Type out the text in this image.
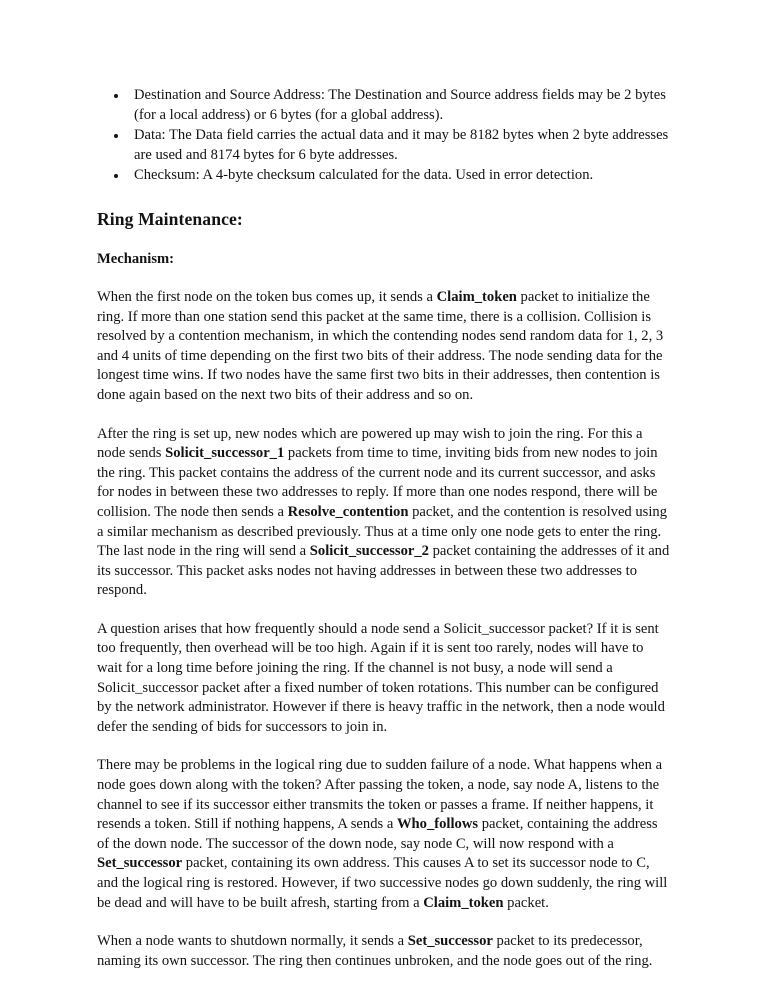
Destination and Source Address: The Destination and Source address fields may be 2 bytes (for a local address) or 6 bytes (for a global address).
Data: The Data field carries the actual data and it may be 8182 bytes when 2 byte addresses are used and 8174 bytes for 6 byte addresses.
Checksum: A 4-byte checksum calculated for the data. Used in error detection.
Ring Maintenance:
Mechanism:

When the first node on the token bus comes up, it sends a Claim_token packet to initialize the ring. If more than one station send this packet at the same time, there is a collision. Collision is resolved by a contention mechanism, in which the contending nodes send random data for 1, 2, 3 and 4 units of time depending on the first two bits of their address. The node sending data for the longest time wins. If two nodes have the same first two bits in their addresses, then contention is done again based on the next two bits of their address and so on.

After the ring is set up, new nodes which are powered up may wish to join the ring. For this a node sends Solicit_successor_1 packets from time to time, inviting bids from new nodes to join the ring. This packet contains the address of the current node and its current successor, and asks for nodes in between these two addresses to reply. If more than one nodes respond, there will be collision. The node then sends a Resolve_contention packet, and the contention is resolved using a similar mechanism as described previously. Thus at a time only one node gets to enter the ring. The last node in the ring will send a Solicit_successor_2 packet containing the addresses of it and its successor. This packet asks nodes not having addresses in between these two addresses to respond.

A question arises that how frequently should a node send a Solicit_successor packet? If it is sent too frequently, then overhead will be too high. Again if it is sent too rarely, nodes will have to wait for a long time before joining the ring. If the channel is not busy, a node will send a Solicit_successor packet after a fixed number of token rotations. This number can be configured by the network administrator. However if there is heavy traffic in the network, then a node would defer the sending of bids for successors to join in.

There may be problems in the logical ring due to sudden failure of a node. What happens when a node goes down along with the token? After passing the token, a node, say node A, listens to the channel to see if its successor either transmits the token or passes a frame. If neither happens, it resends a token. Still if nothing happens, A sends a Who_follows packet, containing the address of the down node. The successor of the down node, say node C, will now respond with a Set_successor packet, containing its own address. This causes A to set its successor node to C, and the logical ring is restored. However, if two successive nodes go down suddenly, the ring will be dead and will have to be built afresh, starting from a Claim_token packet.

When a node wants to shutdown normally, it sends a Set_successor packet to its predecessor, naming its own successor. The ring then continues unbroken, and the node goes out of the ring.
